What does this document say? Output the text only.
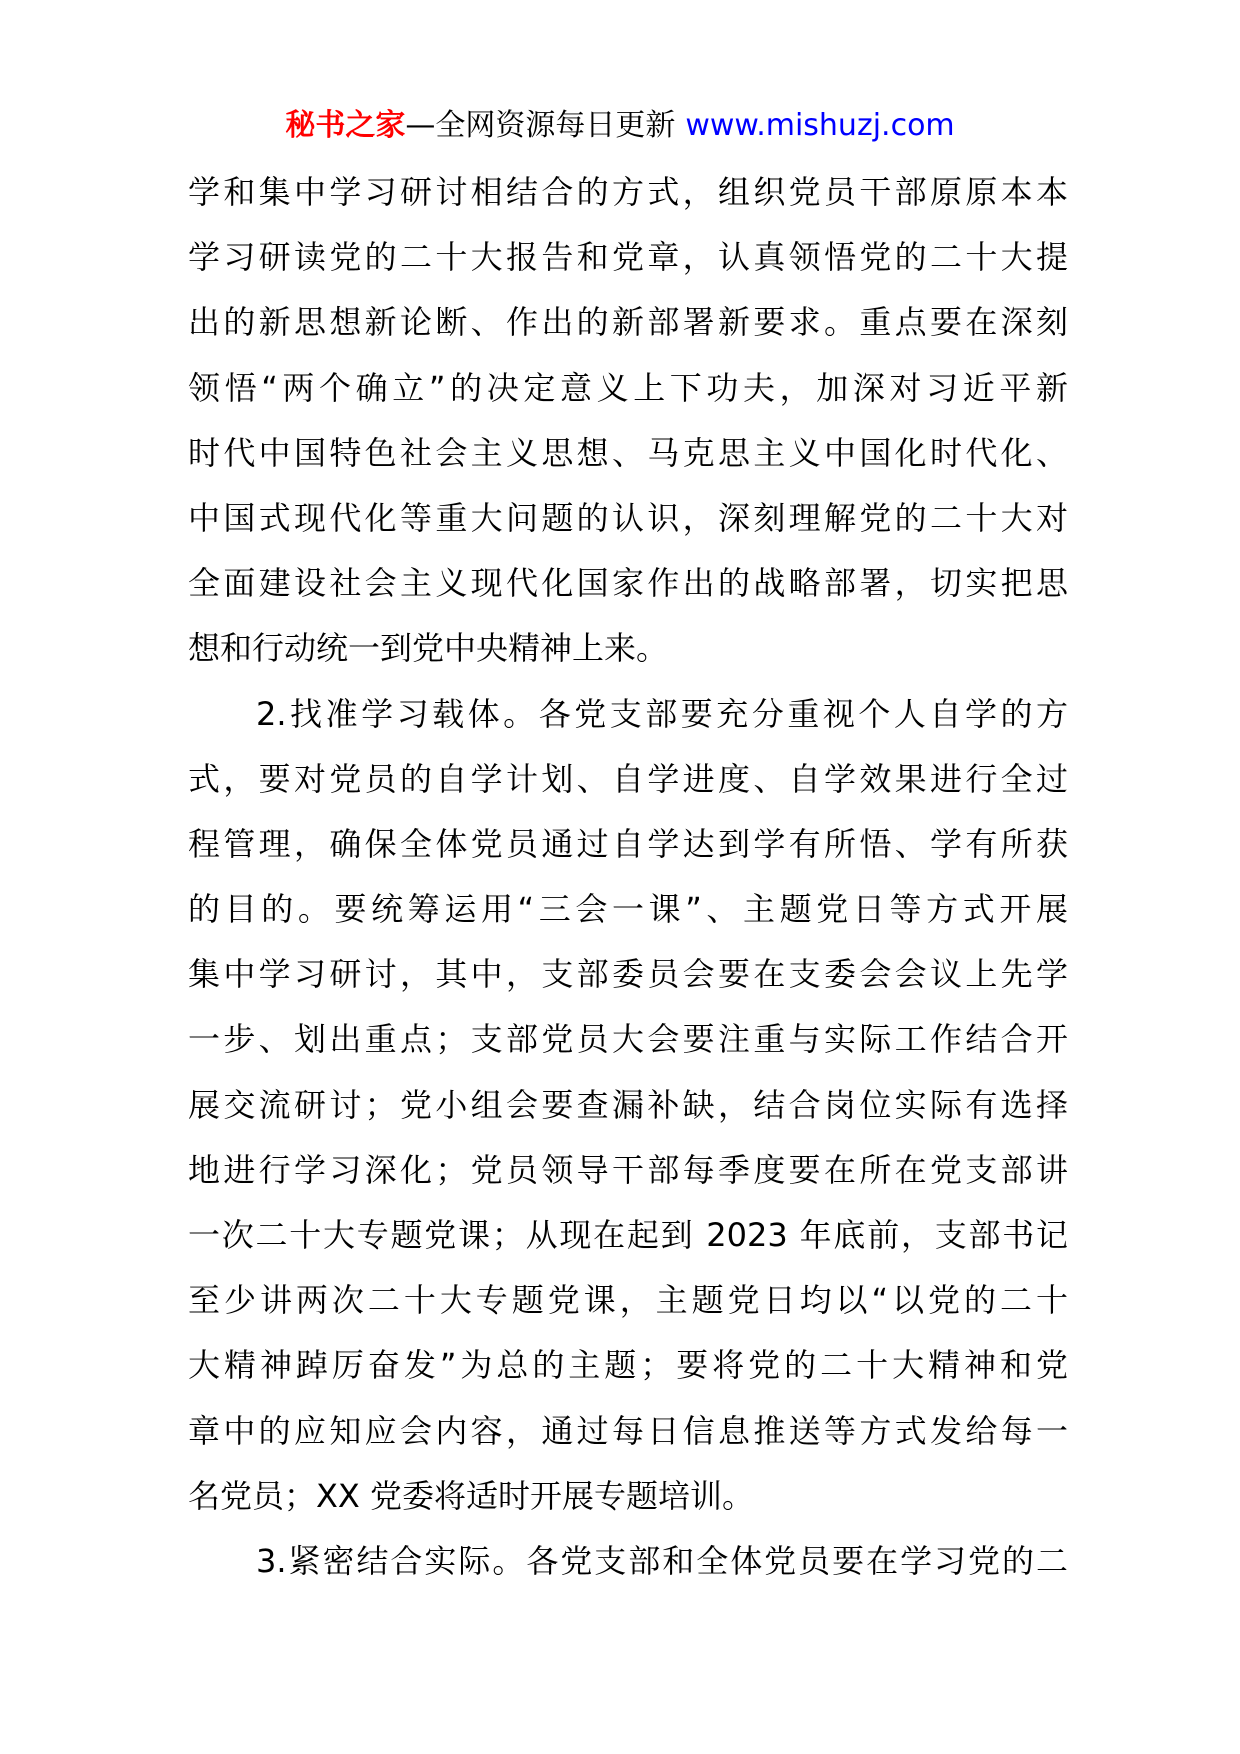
秘书之家—全网资源每日更新 www.mishuzj.com
学和集中学习研讨相结合的方式，组织党员干部原原本本
学习研读党的二十大报告和党章，认真领悟党的二十大提
出的新思想新论断、作出的新部署新要求。重点要在深刻
领悟“两个确立”的决定意义上下功夫，加深对习近平新
时代中国特色社会主义思想、马克思主义中国化时代化、
中国式现代化等重大问题的认识，深刻理解党的二十大对
全面建设社会主义现代化国家作出的战略部署，切实把思
想和行动统一到党中央精神上来。
2.找准学习载体。各党支部要充分重视个人自学的方
式，要对党员的自学计划、自学进度、自学效果进行全过
程管理，确保全体党员通过自学达到学有所悟、学有所获
的目的。要统筹运用“三会一课”、主题党日等方式开展
集中学习研讨，其中，支部委员会要在支委会会议上先学
一步、划出重点；支部党员大会要注重与实际工作结合开
展交流研讨；党小组会要查漏补缺，结合岗位实际有选择
地进行学习深化；党员领导干部每季度要在所在党支部讲
一次二十大专题党课；从现在起到 2023 年底前，支部书记
至少讲两次二十大专题党课，主题党日均以“以党的二十
大精神踔厉奋发”为总的主题；要将党的二十大精神和党
章中的应知应会内容，通过每日信息推送等方式发给每一
名党员；XX 党委将适时开展专题培训。
3.紧密结合实际。各党支部和全体党员要在学习党的二
